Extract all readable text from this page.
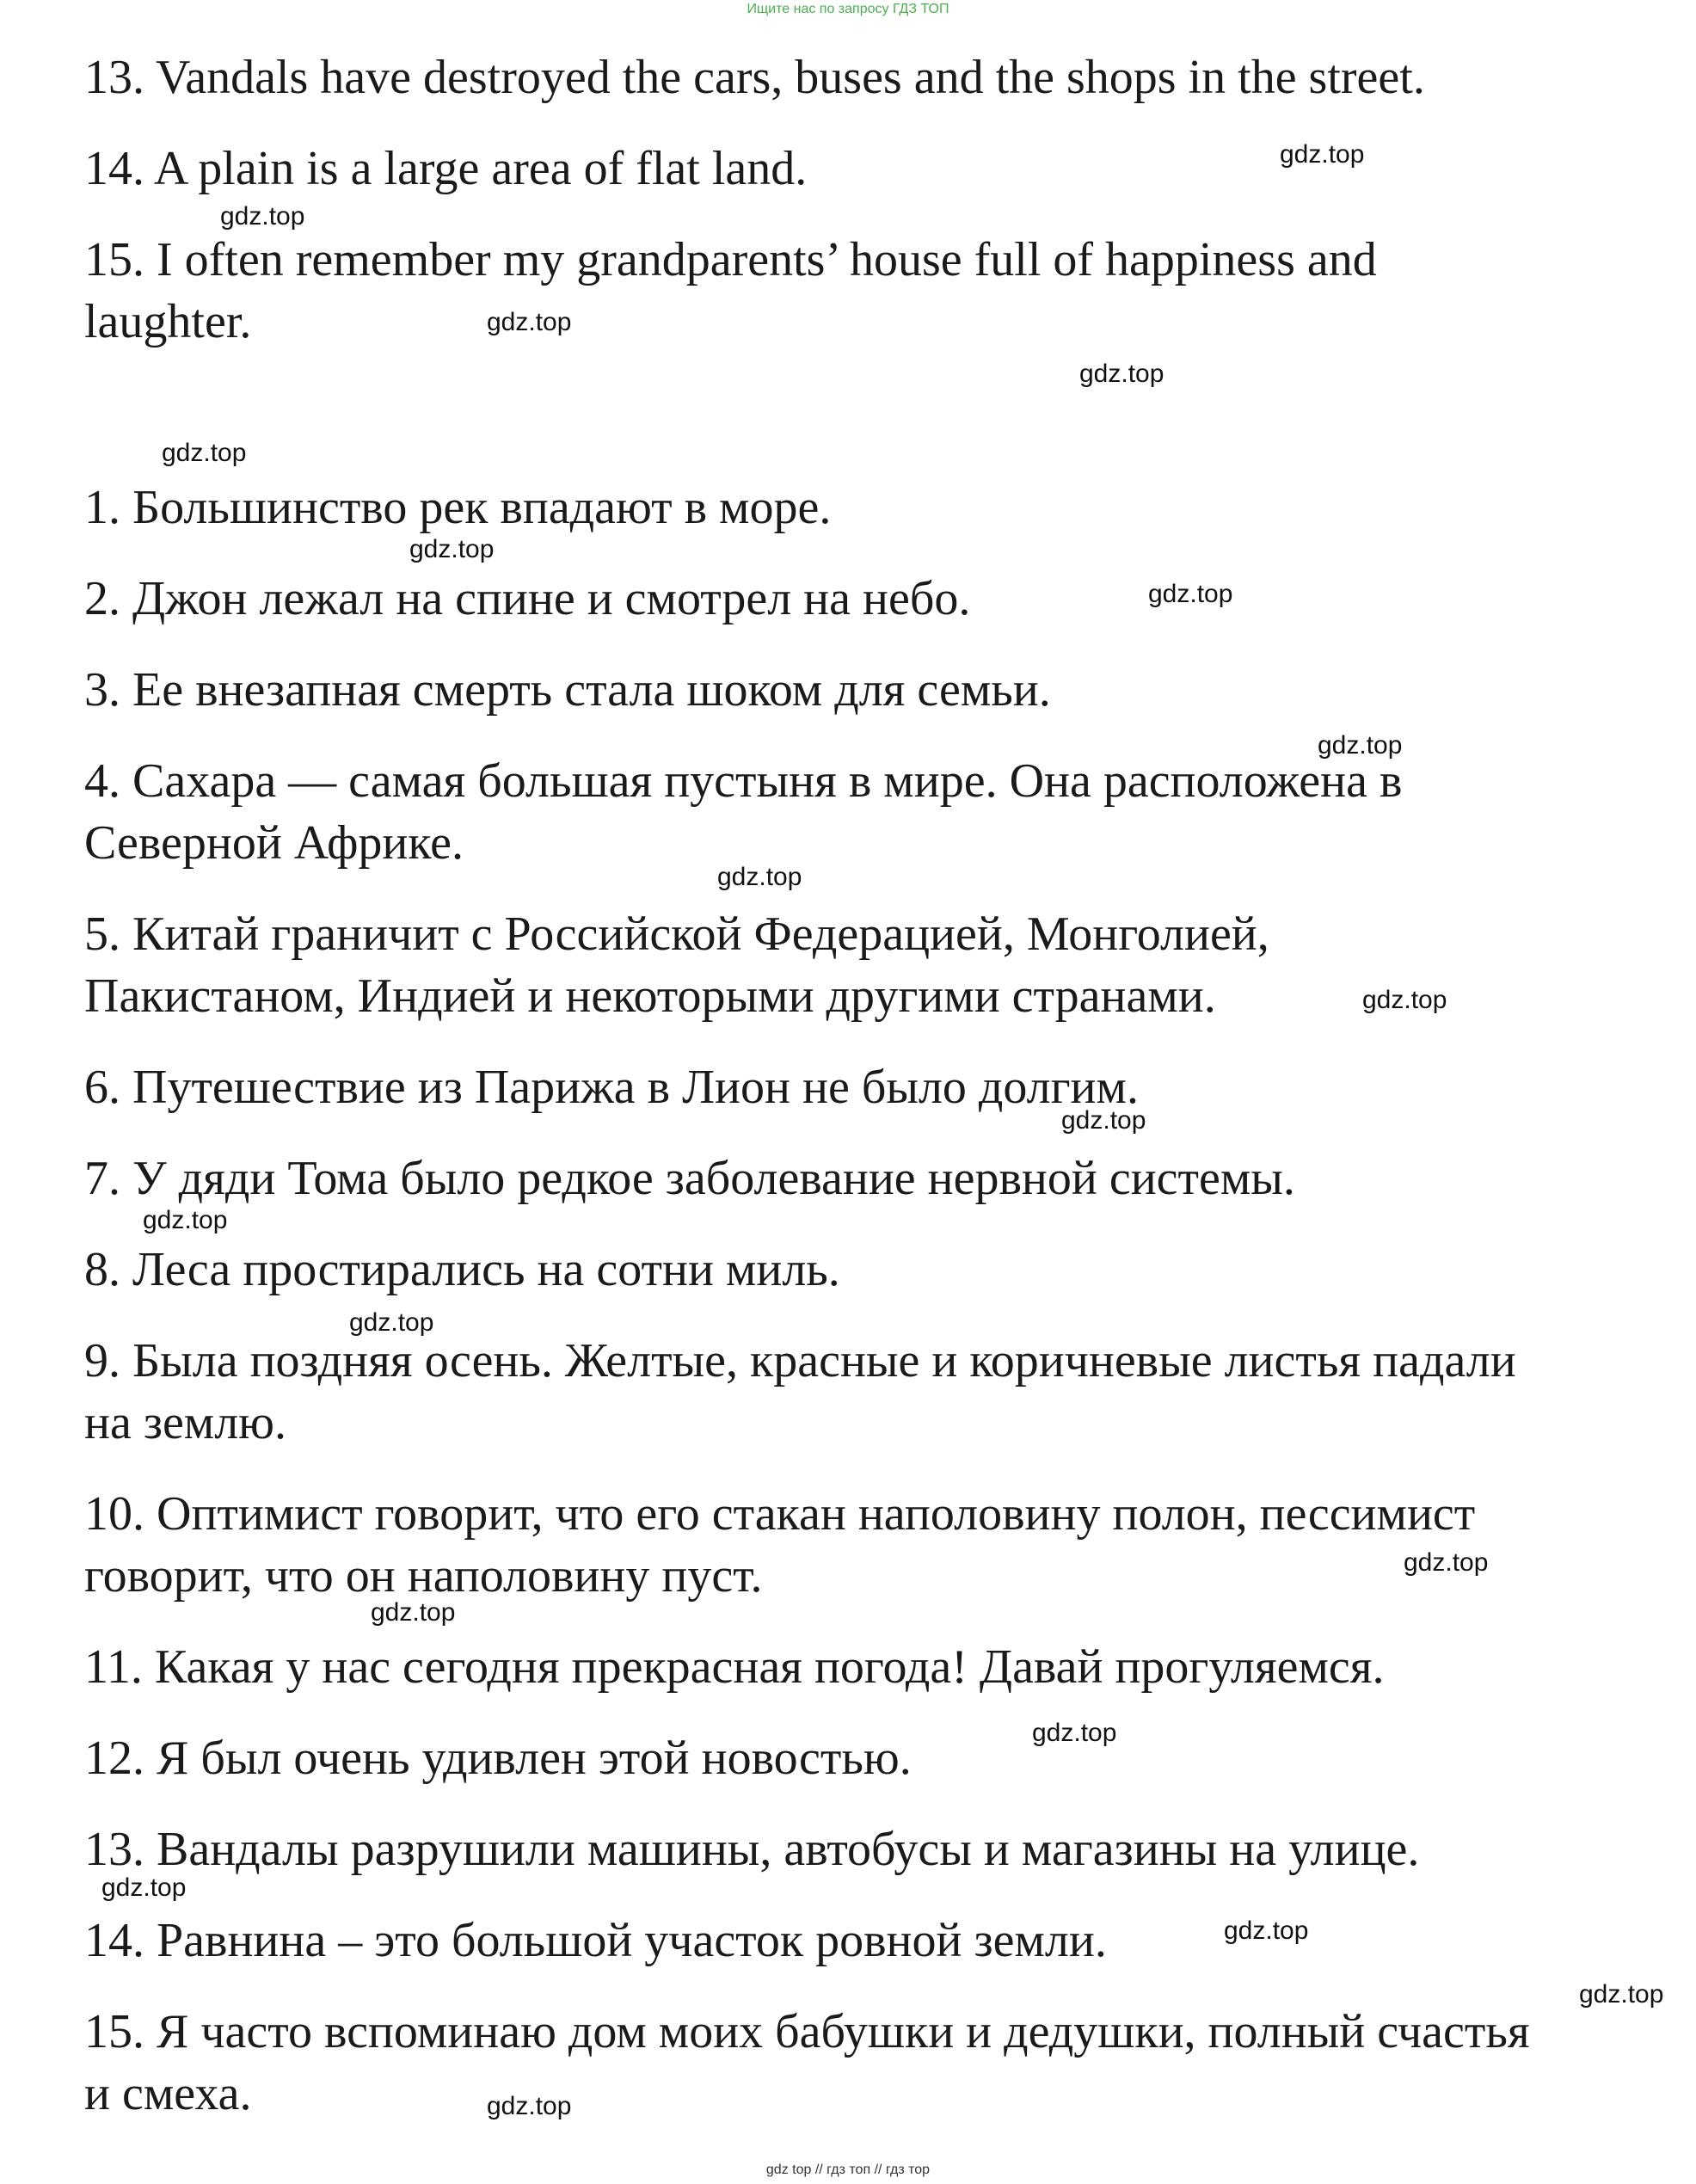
Ищите нас по запросу ГДЗ ТОП
13. Vandals have destroyed the cars, buses and the shops in the street.
14. A plain is a large area of flat land.
15. I often remember my grandparents’ house full of happiness and
laughter.
1. Большинство рек впадают в море.
2. Джон лежал на спине и смотрел на небо.
3. Ее внезапная смерть стала шоком для семьи.
4. Сахара — самая большая пустыня в мире. Она расположена в
Северной Африке.
5. Китай граничит с Российской Федерацией, Монголией,
Пакистаном, Индией и некоторыми другими странами.
6. Путешествие из Парижа в Лион не было долгим.
7. У дяди Тома было редкое заболевание нервной системы.
8. Леса простирались на сотни миль.
9. Была поздняя осень. Желтые, красные и коричневые листья падали
на землю.
10. Оптимист говорит, что его стакан наполовину полон, пессимист
говорит, что он наполовину пуст.
11. Какая у нас сегодня прекрасная погода! Давай прогуляемся.
12. Я был очень удивлен этой новостью.
13. Вандалы разрушили машины, автобусы и магазины на улице.
14. Равнина – это большой участок ровной земли.
15. Я часто вспоминаю дом моих бабушки и дедушки, полный счастья
и смеха.
gdz.top
gdz.top
gdz.top
gdz.top
gdz.top
gdz.top
gdz.top
gdz.top
gdz.top
gdz.top
gdz.top
gdz.top
gdz.top
gdz.top
gdz.top
gdz.top
gdz.top
gdz.top
gdz.top
gdz.top
gdz top // гдз топ // гдз тор
